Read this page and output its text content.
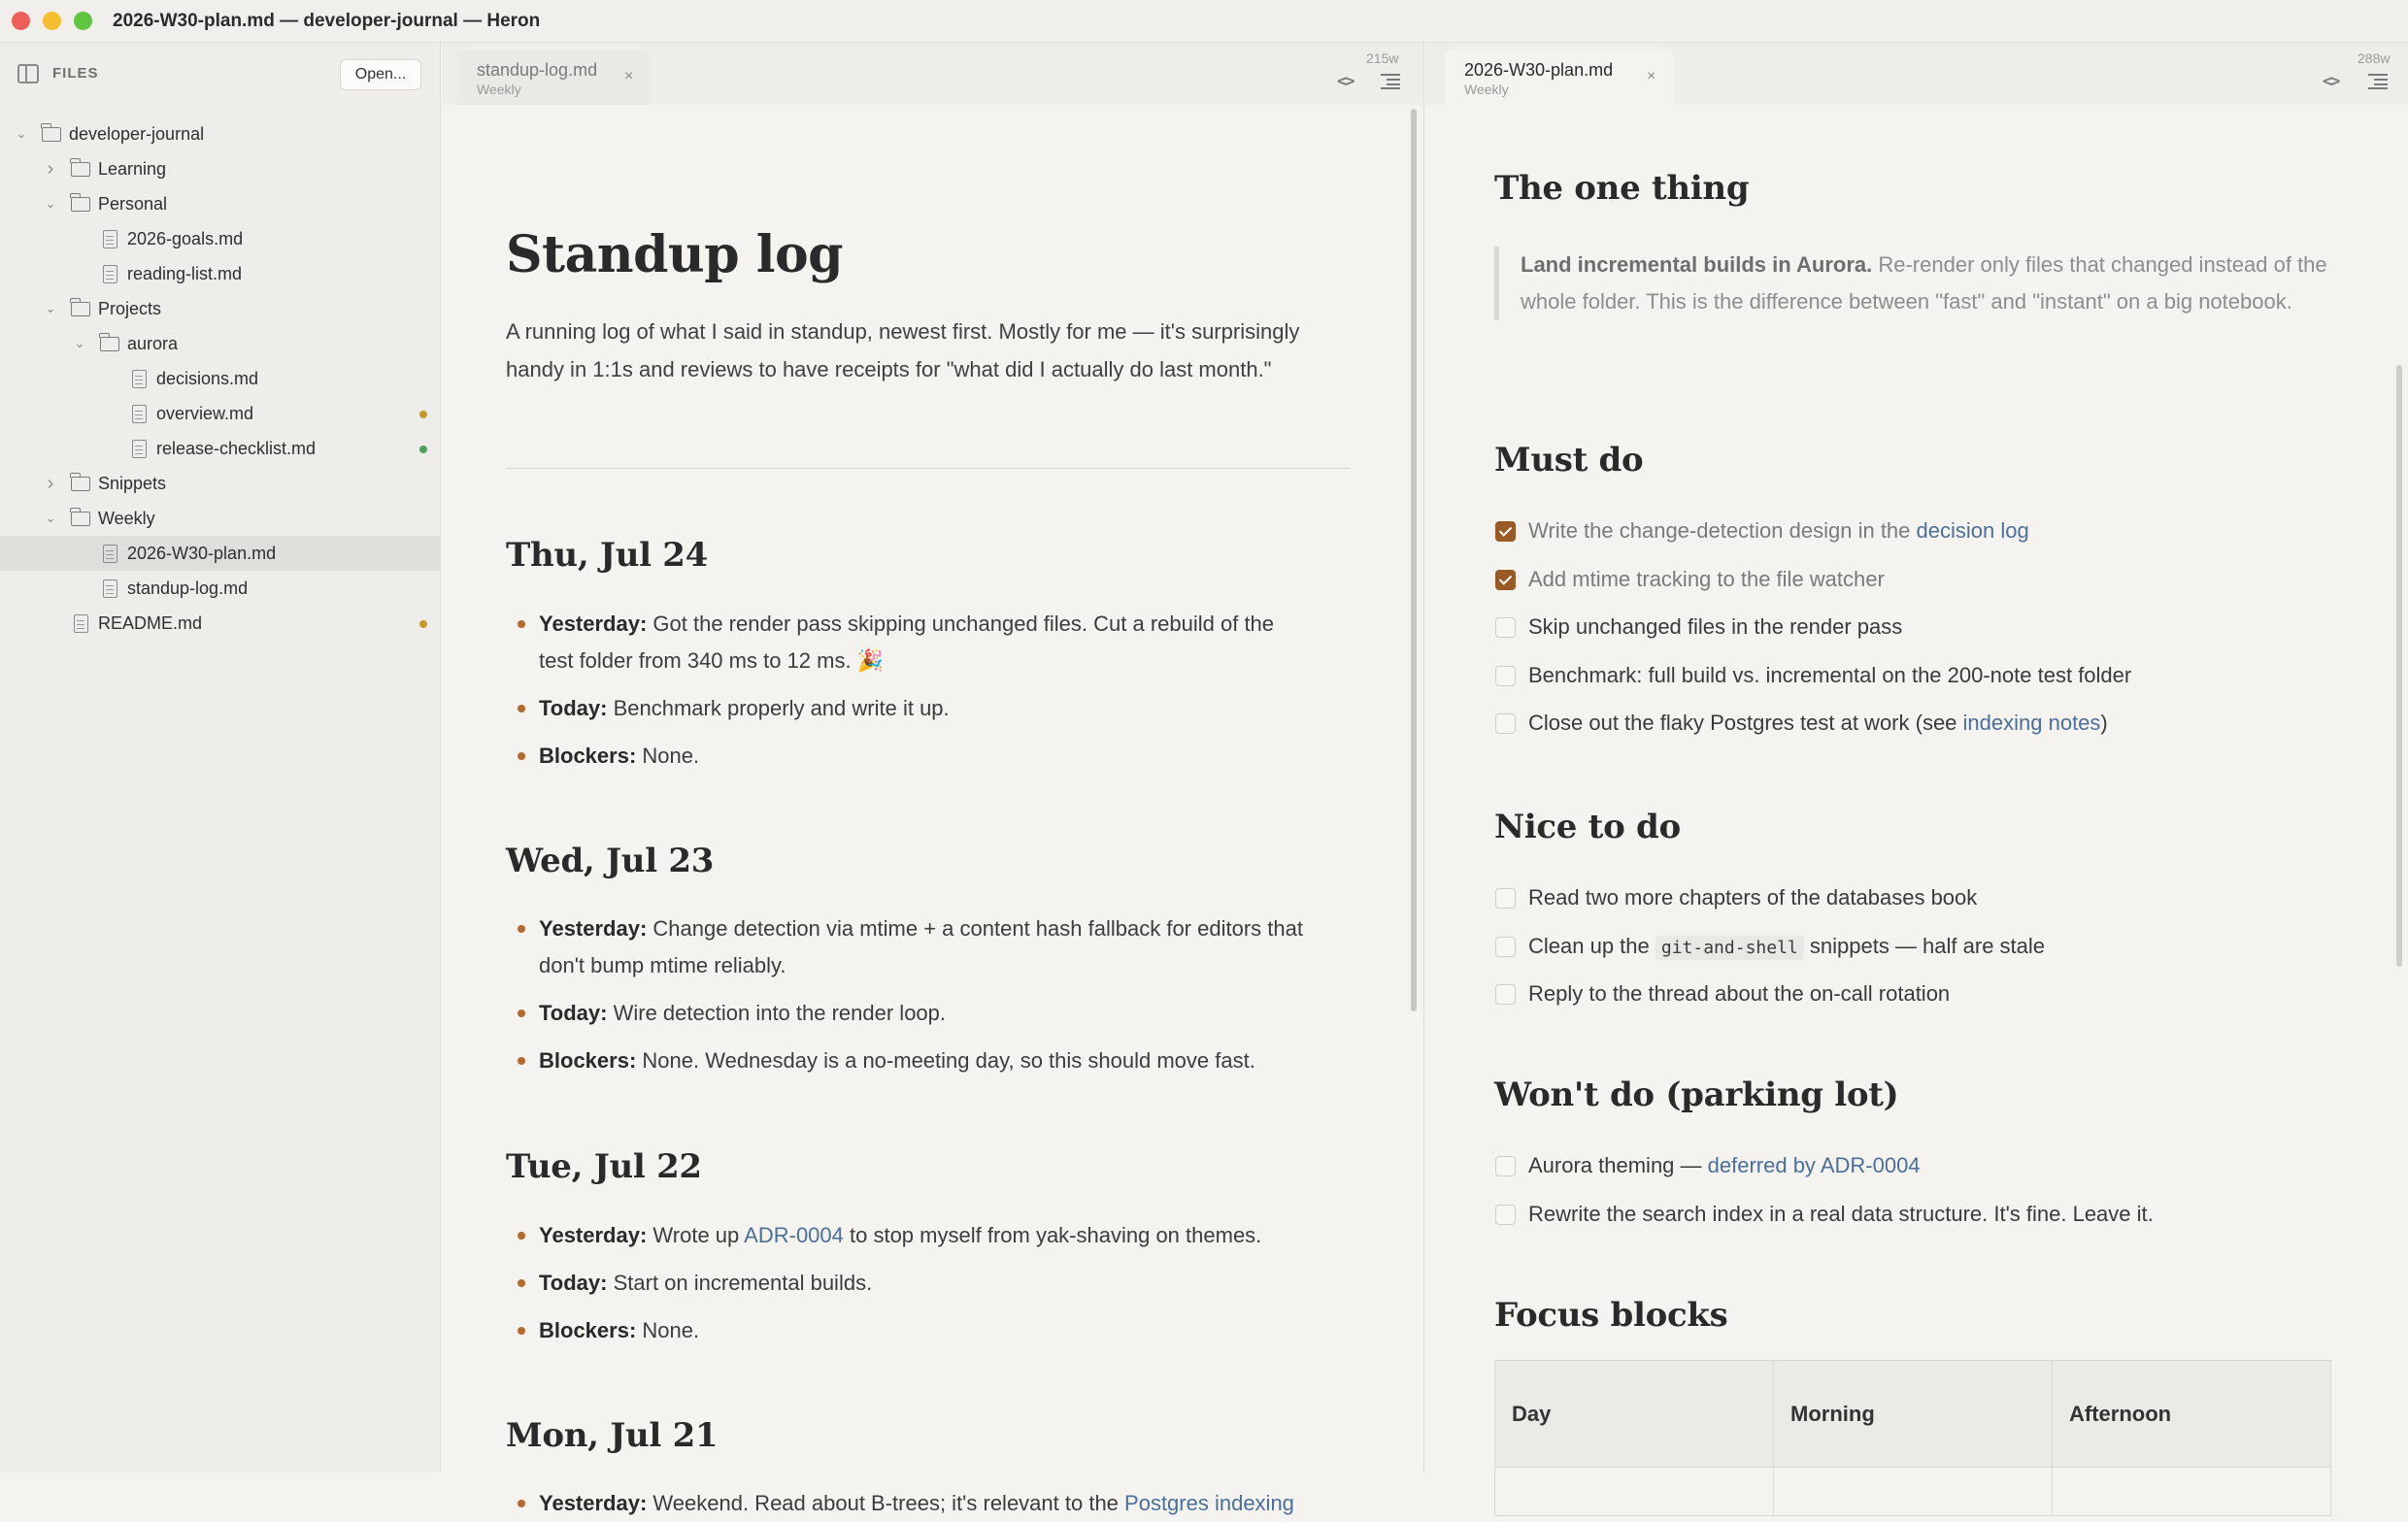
2026-W30-plan.md — developer-journal — Heron
FILES	Open...
⌄ developer-journal
›	Learning
⌄ Personal
2026-goals.md
reading-list.md
⌄ Projects
⌄ aurora
decisions.md
overview.md
release-checklist.md
›	Snippets
⌄ Weekly
2026-W30-plan.md
standup-log.md
README.md
standup-log.md
Weekly
×
215w
<>
Standup log
A running log of what I said in standup, newest first. Mostly for me — it's surprisingly handy in 1:1s and reviews to have receipts for "what did I actually do last month."
Thu, Jul 24
Yesterday: Got the render pass skipping unchanged files. Cut a rebuild of the test folder from 340 ms to 12 ms. 🎉
Today: Benchmark properly and write it up.
Blockers: None.
Wed, Jul 23
Yesterday: Change detection via mtime + a content hash fallback for editors that don't bump mtime reliably.
Today: Wire detection into the render loop.
Blockers: None. Wednesday is a no-meeting day, so this should move fast.
Tue, Jul 22
Yesterday: Wrote up ADR-0004 to stop myself from yak-shaving on themes.
Today: Start on incremental builds.
Blockers: None.
Mon, Jul 21
Yesterday: Weekend. Read about B-trees; it's relevant to the Postgres indexing
2026-W30-plan.md
Weekly
×
288w
<>
The one thing
Land incremental builds in Aurora. Re-render only files that changed instead of the whole folder. This is the difference between "fast" and "instant" on a big notebook.
Must do
Write the change-detection design in the decision log
Add mtime tracking to the file watcher
Skip unchanged files in the render pass
Benchmark: full build vs. incremental on the 200-note test folder
Close out the flaky Postgres test at work (see indexing notes)
Nice to do
Read two more chapters of the databases book
Clean up the git-and-shell snippets — half are stale
Reply to the thread about the on-call rotation
Won't do (parking lot)
Aurora theming — deferred by ADR-0004
Rewrite the search index in a real data structure. It's fine. Leave it.
Focus blocks
Day	Morning	Afternoon
